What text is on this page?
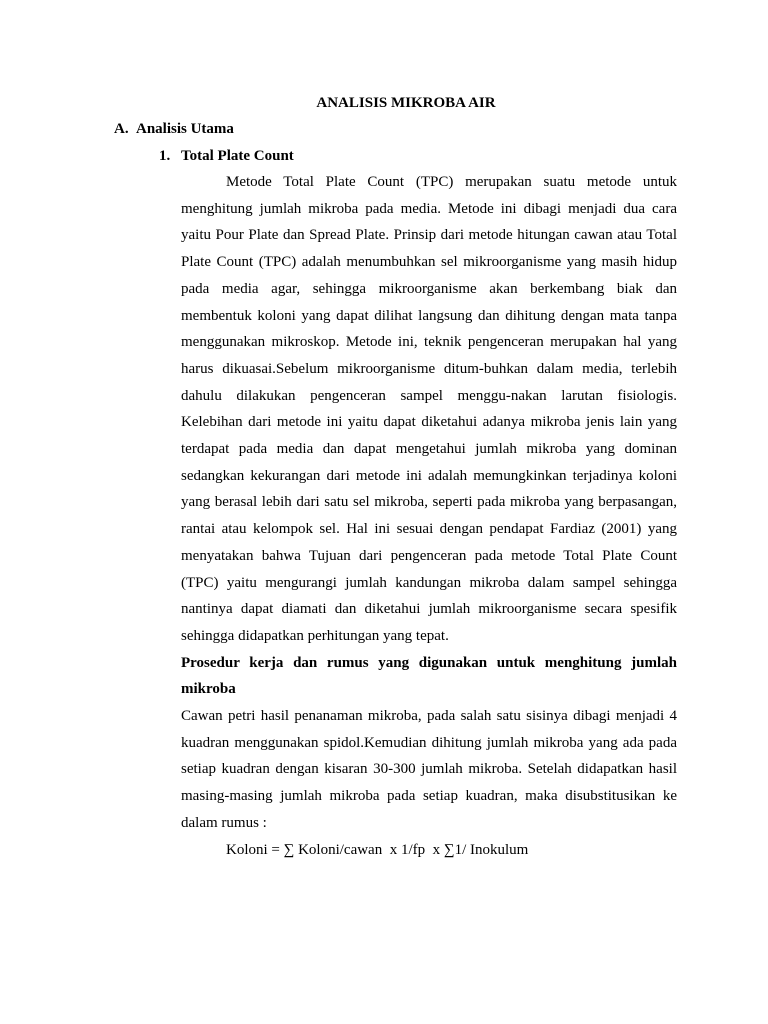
ANALISIS MIKROBA AIR
A. Analisis Utama
1. Total Plate Count

Metode Total Plate Count (TPC) merupakan suatu metode untuk menghitung jumlah mikroba pada media. Metode ini dibagi menjadi dua cara yaitu Pour Plate dan Spread Plate. Prinsip dari metode hitungan cawan atau Total Plate Count (TPC) adalah menumbuhkan sel mikroorganisme yang masih hidup pada media agar, sehingga mikroorganisme akan berkembang biak dan membentuk koloni yang dapat dilihat langsung dan dihitung dengan mata tanpa menggunakan mikroskop. Metode ini, teknik pengenceran merupakan hal yang harus dikuasai.Sebelum mikroorganisme ditum-buhkan dalam media, terlebih dahulu dilakukan pengenceran sampel menggu-nakan larutan fisiologis. Kelebihan dari metode ini yaitu dapat diketahui adanya mikroba jenis lain yang terdapat pada media dan dapat mengetahui jumlah mikroba yang dominan sedangkan kekurangan dari metode ini adalah memungkinkan terjadinya koloni yang berasal lebih dari satu sel mikroba, seperti pada mikroba yang berpasangan, rantai atau kelompok sel. Hal ini sesuai dengan pendapat Fardiaz (2001) yang menyatakan bahwa Tujuan dari pengenceran pada metode Total Plate Count (TPC) yaitu mengurangi jumlah kandungan mikroba dalam sampel sehingga nantinya dapat diamati dan diketahui jumlah mikroorganisme secara spesifik sehingga didapatkan perhitungan yang tepat.

Prosedur kerja dan rumus yang digunakan untuk menghitung jumlah mikroba

Cawan petri hasil penanaman mikroba, pada salah satu sisinya dibagi menjadi 4 kuadran menggunakan spidol.Kemudian dihitung jumlah mikroba yang ada pada setiap kuadran dengan kisaran 30-300 jumlah mikroba. Setelah didapatkan hasil masing-masing jumlah mikroba pada setiap kuadran, maka disubstitusikan ke dalam rumus :

Koloni = ∑ Koloni/cawan  x 1/fp  x ∑1/ Inokulum
